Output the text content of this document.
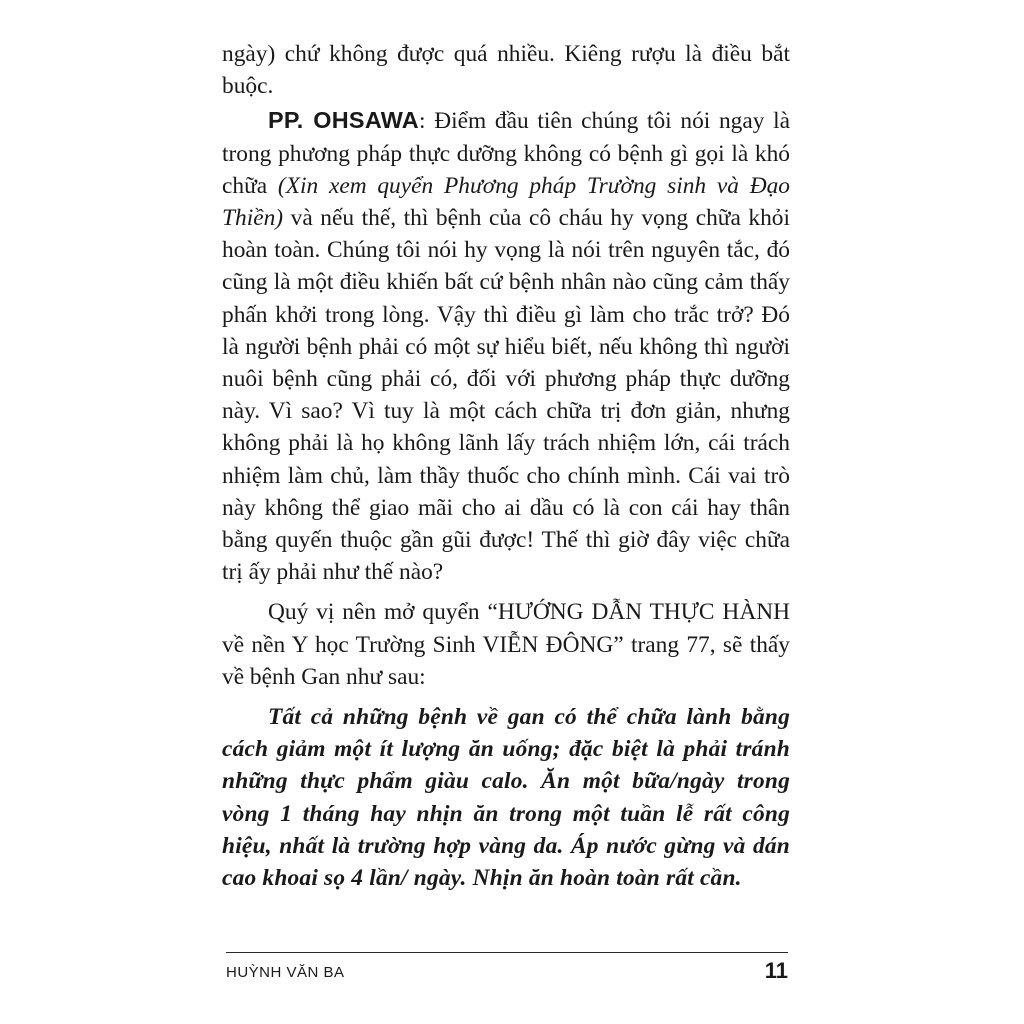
ngày) chứ không được quá nhiều. Kiêng rượu là điều bắt buộc.

PP. OHSAWA: Điểm đầu tiên chúng tôi nói ngay là trong phương pháp thực dưỡng không có bệnh gì gọi là khó chữa (Xin xem quyển Phương pháp Trường sinh và Đạo Thiền) và nếu thế, thì bệnh của cô cháu hy vọng chữa khỏi hoàn toàn. Chúng tôi nói hy vọng là nói trên nguyên tắc, đó cũng là một điều khiến bất cứ bệnh nhân nào cũng cảm thấy phấn khởi trong lòng. Vậy thì điều gì làm cho trắc trở? Đó là người bệnh phải có một sự hiểu biết, nếu không thì người nuôi bệnh cũng phải có, đối với phương pháp thực dưỡng này. Vì sao? Vì tuy là một cách chữa trị đơn giản, nhưng không phải là họ không lãnh lấy trách nhiệm lớn, cái trách nhiệm làm chủ, làm thầy thuốc cho chính mình. Cái vai trò này không thể giao mãi cho ai dầu có là con cái hay thân bằng quyến thuộc gần gũi được! Thế thì giờ đây việc chữa trị ấy phải như thế nào?

Quý vị nên mở quyển “HƯỚNG DẪN THỰC HÀNH về nền Y học Trường Sinh VIỄN ĐÔNG” trang 77, sẽ thấy về bệnh Gan như sau:

Tất cả những bệnh về gan có thể chữa lành bằng cách giảm một ít lượng ăn uống; đặc biệt là phải tránh những thực phẩm giàu calo. Ăn một bữa/ngày trong vòng 1 tháng hay nhịn ăn trong một tuần lễ rất công hiệu, nhất là trường hợp vàng da. Áp nước gừng và dán cao khoai sọ 4 lần/ ngày. Nhịn ăn hoàn toàn rất cần.

HUỲNH VĂN BA	11
